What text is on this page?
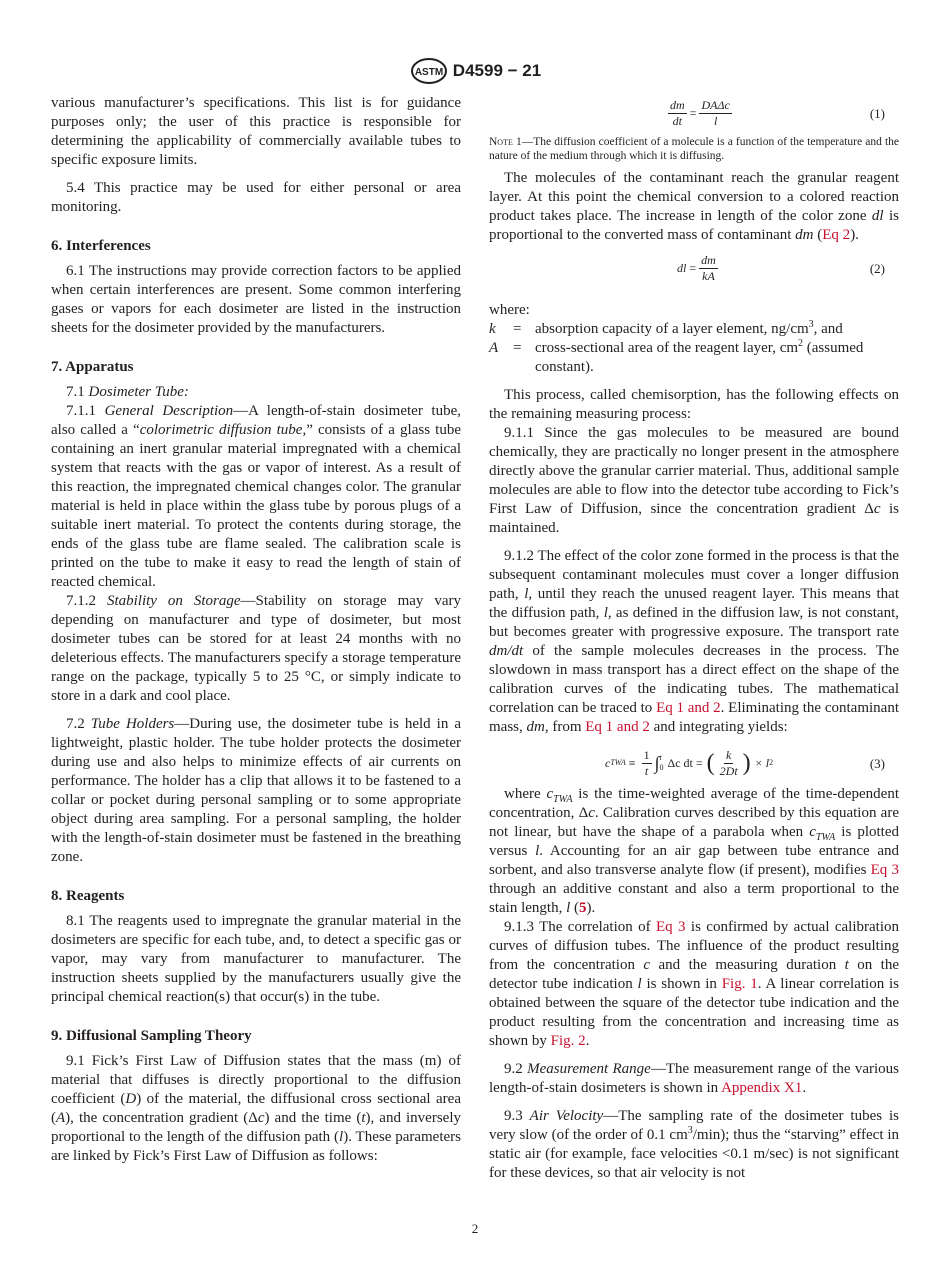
ASTM D4599 − 21

various manufacturer’s specifications. This list is for guidance purposes only; the user of this practice is responsible for determining the applicability of commercially available tubes to specific exposure limits.

5.4 This practice may be used for either personal or area monitoring.

6. Interferences

6.1 The instructions may provide correction factors to be applied when certain interferences are present. Some common interfering gases or vapors for each dosimeter are listed in the instruction sheets for the dosimeter provided by the manufacturers.

7. Apparatus

7.1 Dosimeter Tube:

7.1.1 General Description—A length-of-stain dosimeter tube, also called a “colorimetric diffusion tube,” consists of a glass tube containing an inert granular material impregnated with a chemical system that reacts with the gas or vapor of interest. As a result of this reaction, the impregnated chemical changes color. The granular material is held in place within the glass tube by porous plugs of a suitable inert material. To protect the contents during storage, the ends of the glass tube are flame sealed. The calibration scale is printed on the tube to make it easy to read the length of stain of reacted chemical.

7.1.2 Stability on Storage—Stability on storage may vary depending on manufacturer and type of dosimeter, but most dosimeter tubes can be stored for at least 24 months with no deleterious effects. The manufacturers specify a storage temperature range on the package, typically 5 to 25 °C, or simply indicate to store in a dark and cool place.

7.2 Tube Holders—During use, the dosimeter tube is held in a lightweight, plastic holder. The tube holder protects the dosimeter during use and also helps to minimize effects of air currents on performance. The holder has a clip that allows it to be fastened to a collar or pocket during personal sampling or to some appropriate object during area sampling. For a personal sampling, the holder with the length-of-stain dosimeter must be fastened in the breathing zone.

8. Reagents

8.1 The reagents used to impregnate the granular material in the dosimeters are specific for each tube, and, to detect a specific gas or vapor, may vary from manufacturer to manufacturer. The instruction sheets supplied by the manufacturers usually give the principal chemical reaction(s) that occur(s) in the tube.

9. Diffusional Sampling Theory

9.1 Fick’s First Law of Diffusion states that the mass (m) of material that diffuses is directly proportional to the diffusion coefficient (D) of the material, the diffusional cross sectional area (A), the concentration gradient (Δc) and the time (t), and inversely proportional to the length of the diffusion path (l). These parameters are linked by Fick’s First Law of Diffusion as follows:

$\frac{dm}{dt} = \frac{\text{DAΔc}}{l}$	(1)
Note 1—The diffusion coefficient of a molecule is a function of the temperature and the nature of the medium through which it is diffusing.

The molecules of the contaminant reach the granular reagent layer. At this point the chemical conversion to a colored reaction product takes place. The increase in length of the color zone dl is proportional to the converted mass of contaminant dm (Eq 2).

dl
= $\frac{dm}{kA}$	(2)

where:

k	= absorption capacity of a layer element, $ng/cm^3$, and
A = cross-sectional area of the reagent layer, $cm^2$ (assumed constant).

This process, called chemisorption, has the following effects on the remaining measuring process:

9.1.1 Since the gas molecules to be measured are bound chemically, they are practically no longer present in the atmosphere directly above the granular carrier material. Thus, additional sample molecules are able to flow into the detector tube according to Fick’s First Law of Diffusion, since the concentration gradient Δc is maintained.

9.1.2 The effect of the color zone formed in the process is that the subsequent contaminant molecules must cover a longer diffusion path, l, until they reach the unused reagent layer. This means that the diffusion path, l, as defined in the diffusion law, is not constant, but becomes greater with progressive exposure. The transport rate dm/dt of the sample molecules decreases in the process. The slowdown in mass transport has a direct effect on the shape of the calibration curves of the indicating tubes. The mathematical correlation can be traced to Eq 1 and 2. Eliminating the contaminant mass, dm, from Eq 1 and 2 and integrating yields:

c TWA ≡ $\frac{1}{t}$ ∫ t
0 Δc dt = ( $\frac{k}{2Dt}$ ) × l 2	(3)

where $c_{TWA}$ is the time-weighted average of the time-dependent concentration, Δc. Calibration curves described by this equation are not linear, but have the shape of a parabola when $c_{TWA}$ is plotted versus l. Accounting for an air gap between tube entrance and sorbent, and also transverse analyte flow (if present), modifies Eq 3 through an additive constant and also a term proportional to the stain length, l (5).

9.1.3 The correlation of Eq 3 is confirmed by actual calibration curves of diffusion tubes. The influence of the product resulting from the concentration c and the measuring duration t on the detector tube indication l is shown in Fig. 1. A linear correlation is obtained between the square of the detector tube indication and the product resulting from the concentration and increasing time as shown by Fig. 2.

9.2 Measurement Range—The measurement range of the various length-of-stain dosimeters is shown in Appendix X1.

9.3 Air Velocity—The sampling rate of the dosimeter tubes is very slow (of the order of 0.1 $cm^3/\min$); thus the “starving” effect in static air (for example, face velocities <0.1 m/sec) is not significant for these devices, so that air velocity is not

2
